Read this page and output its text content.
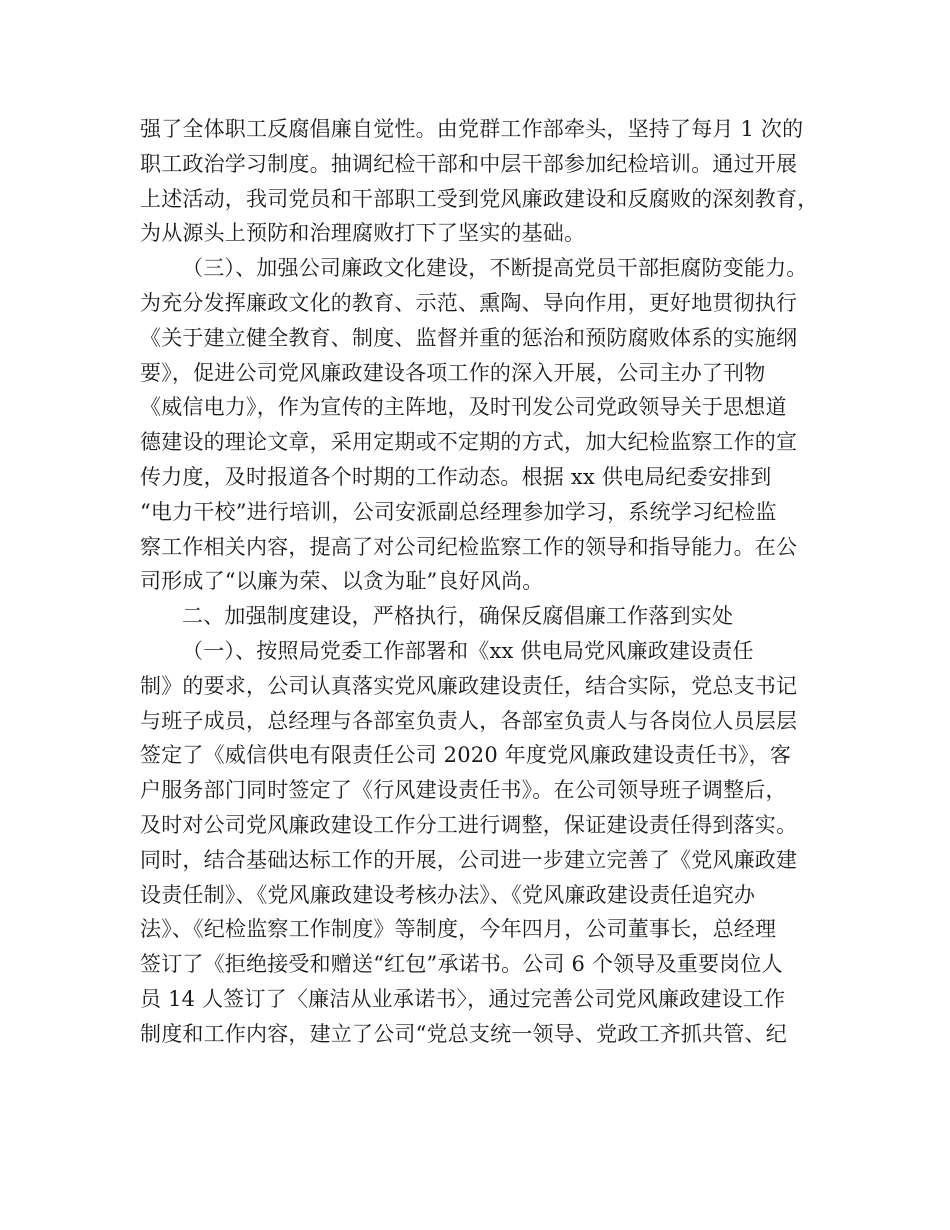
强了全体职工反腐倡廉自觉性。由党群工作部牵头，坚持了每月 1 次的
职工政治学习制度。抽调纪检干部和中层干部参加纪检培训。通过开展
上述活动，我司党员和干部职工受到党风廉政建设和反腐败的深刻教育，
为从源头上预防和治理腐败打下了坚实的基础。
（三）、加强公司廉政文化建设，不断提高党员干部拒腐防变能力。
为充分发挥廉政文化的教育、示范、熏陶、导向作用，更好地贯彻执行
《关于建立健全教育、制度、监督并重的惩治和预防腐败体系的实施纲
要》，促进公司党风廉政建设各项工作的深入开展，公司主办了刊物
《威信电力》，作为宣传的主阵地，及时刊发公司党政领导关于思想道
德建设的理论文章，采用定期或不定期的方式，加大纪检监察工作的宣
传力度，及时报道各个时期的工作动态。根据 xx 供电局纪委安排到
“电力干校”进行培训，公司安派副总经理参加学习，系统学习纪检监
察工作相关内容，提高了对公司纪检监察工作的领导和指导能力。在公
司形成了“以廉为荣、以贪为耻”良好风尚。
二、加强制度建设，严格执行，确保反腐倡廉工作落到实处
（一）、按照局党委工作部署和《xx 供电局党风廉政建设责任
制》的要求，公司认真落实党风廉政建设责任，结合实际，党总支书记
与班子成员，总经理与各部室负责人，各部室负责人与各岗位人员层层
签定了《威信供电有限责任公司 2020 年度党风廉政建设责任书》，客
户服务部门同时签定了《行风建设责任书》。在公司领导班子调整后，
及时对公司党风廉政建设工作分工进行调整，保证建设责任得到落实。
同时，结合基础达标工作的开展，公司进一步建立完善了《党风廉政建
设责任制》、《党风廉政建设考核办法》、《党风廉政建设责任追究办
法》、《纪检监察工作制度》等制度，今年四月，公司董事长，总经理
签订了《拒绝接受和赠送“红包”承诺书。公司 6 个领导及重要岗位人
员 14 人签订了〈廉洁从业承诺书〉，通过完善公司党风廉政建设工作
制度和工作内容，建立了公司“党总支统一领导、党政工齐抓共管、纪
